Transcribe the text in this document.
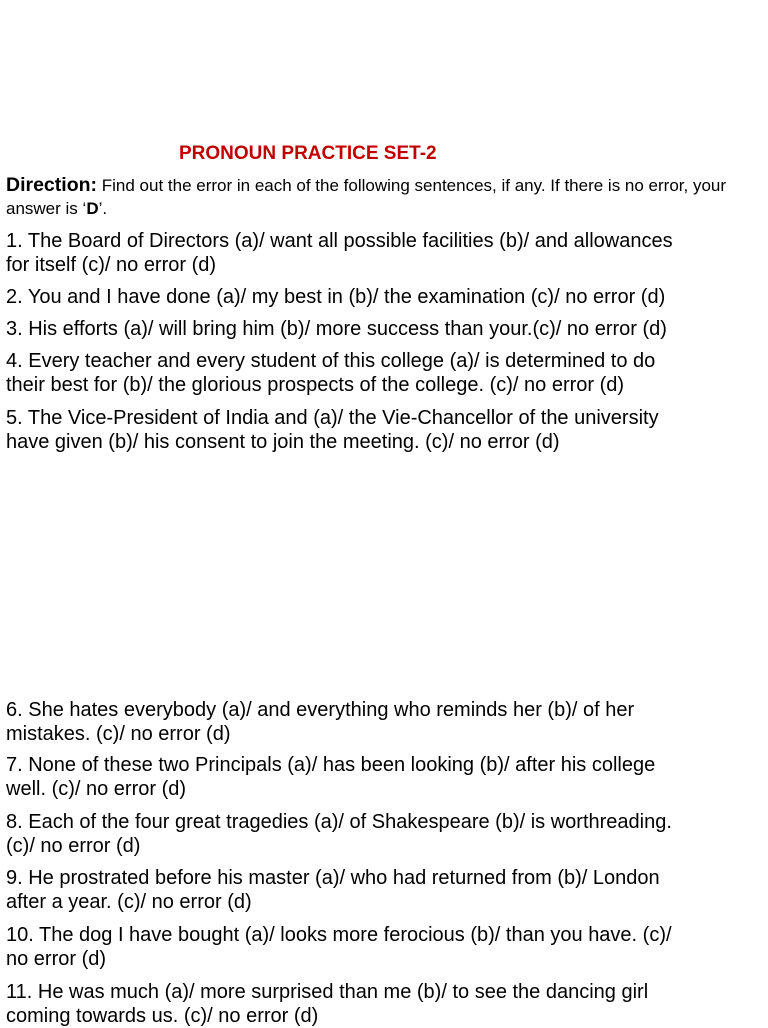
PRONOUN PRACTICE SET-2
Direction: Find out the error in each of the following sentences, if any. If there is no error, your answer is ‘D’.
1. The Board of Directors (a)/ want all possible facilities (b)/ and allowances
for itself (c)/ no error (d)
2. You and I have done (a)/ my best in (b)/ the examination (c)/ no error (d)
3. His efforts (a)/ will bring him (b)/ more success than your.(c)/ no error (d)
4. Every teacher and every student of this college (a)/ is determined to do
their best for (b)/ the glorious prospects of the college. (c)/ no error (d)
5. The Vice-President of India and (a)/ the Vie-Chancellor of the university
have given (b)/ his consent to join the meeting. (c)/ no error (d)
6. She hates everybody (a)/ and everything who reminds her (b)/ of her
mistakes. (c)/ no error (d)
7. None of these two Principals (a)/ has been looking (b)/ after his college
well. (c)/ no error (d)
8. Each of the four great tragedies (a)/ of Shakespeare (b)/ is worthreading.
(c)/ no error (d)
9. He prostrated before his master (a)/ who had returned from (b)/ London
after a year. (c)/ no error (d)
10. The dog I have bought (a)/ looks more ferocious (b)/ than you have. (c)/
no error (d)
11. He was much (a)/ more surprised than me (b)/ to see the dancing girl
coming towards us. (c)/ no error (d)
